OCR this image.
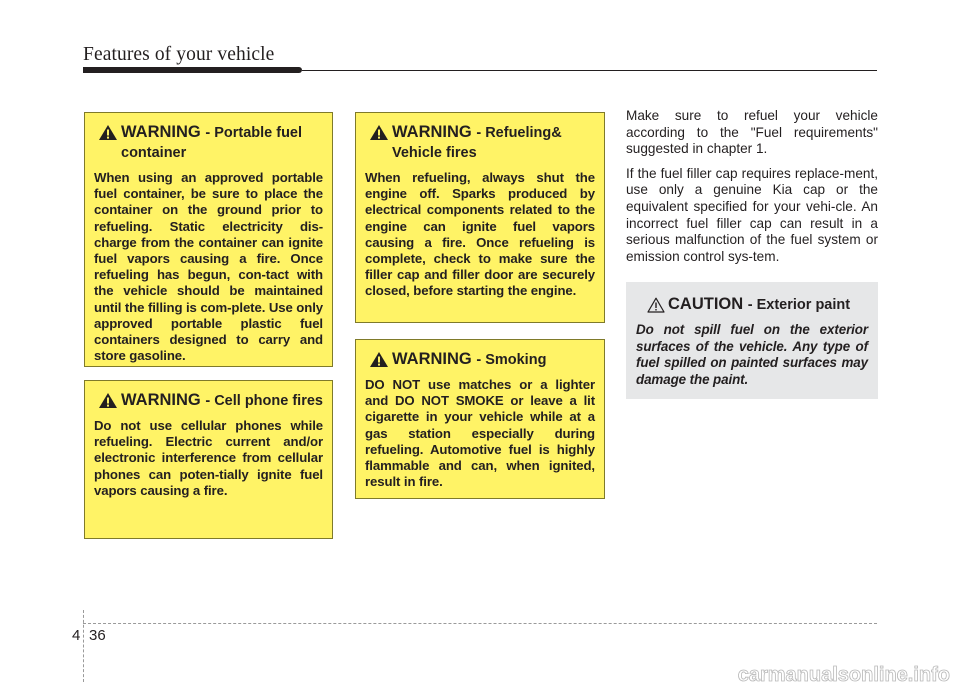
Features of your vehicle
WARNING - Portable fuel container
When using an approved portable fuel container, be sure to place the container on the ground prior to refueling. Static electricity dis-charge from the container can ignite fuel vapors causing a fire. Once refueling has begun, con-tact with the vehicle should be maintained until the filling is com-plete. Use only approved portable plastic fuel containers designed to carry and store gasoline.
WARNING - Cell phone fires
Do not use cellular phones while refueling. Electric current and/or electronic interference from cellular phones can poten-tially ignite fuel vapors causing a fire.
WARNING - Refueling& Vehicle fires
When refueling, always shut the engine off. Sparks produced by electrical components related to the engine can ignite fuel vapors causing a fire. Once refueling is complete, check to make sure the filler cap and filler door are securely closed, before starting the engine.
WARNING - Smoking
DO NOT use matches or a lighter and DO NOT SMOKE or leave a lit cigarette in your vehicle while at a gas station especially during refueling. Automotive fuel is highly flammable and can, when ignited, result in fire.

Make sure to refuel your vehicle according to the "Fuel requirements" suggested in chapter 1.

If the fuel filler cap requires replace-ment, use only a genuine Kia cap or the equivalent specified for your vehi-cle. An incorrect fuel filler cap can result in a serious malfunction of the fuel system or emission control sys-tem.

CAUTION - Exterior paint
Do not spill fuel on the exterior surfaces of the vehicle. Any type of fuel spilled on painted surfaces may damage the paint.
4 36
carmanualsonline.info
